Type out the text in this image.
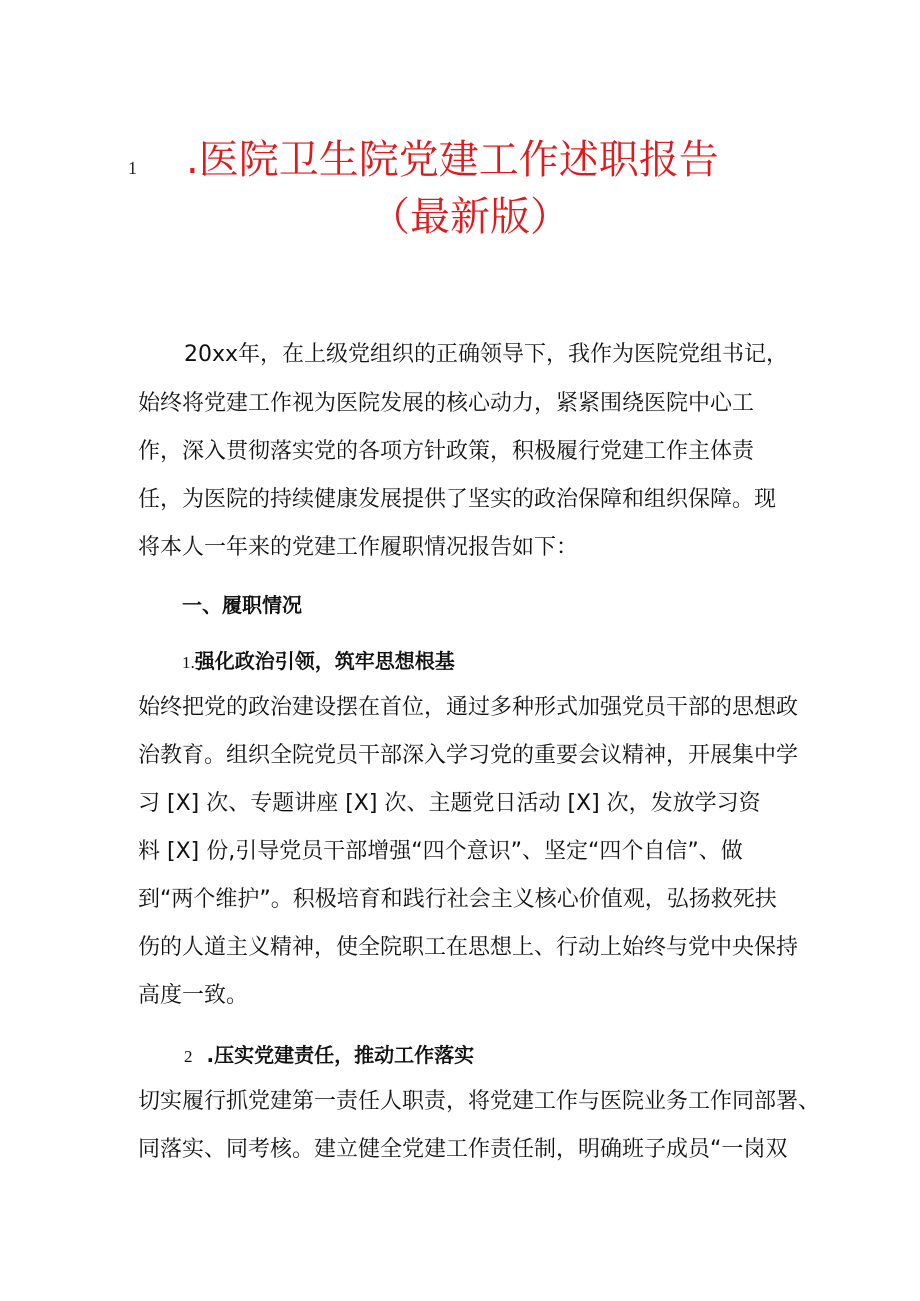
1 .医院卫生院党建工作述职报告
（最新版）
20xx年，在上级党组织的正确领导下，我作为医院党组书记，
始终将党建工作视为医院发展的核心动力，紧紧围绕医院中心工
作，深入贯彻落实党的各项方针政策，积极履行党建工作主体责
任，为医院的持续健康发展提供了坚实的政治保障和组织保障。现
将本人一年来的党建工作履职情况报告如下：
一、履职情况
1.强化政治引领，筑牢思想根基
始终把党的政治建设摆在首位，通过多种形式加强党员干部的思想政
治教育。组织全院党员干部深入学习党的重要会议精神，开展集中学
习 [X] 次、专题讲座 [X] 次、主题党日活动 [X] 次，发放学习资
料 [X] 份,引导党员干部增强“四个意识”、坚定“四个自信”、做
到“两个维护”。积极培育和践行社会主义核心价值观，弘扬救死扶
伤的人道主义精神，使全院职工在思想上、行动上始终与党中央保持
高度一致。
2 .压实党建责任，推动工作落实
切实履行抓党建第一责任人职责，将党建工作与医院业务工作同部署、
同落实、同考核。建立健全党建工作责任制，明确班子成员“一岗双
